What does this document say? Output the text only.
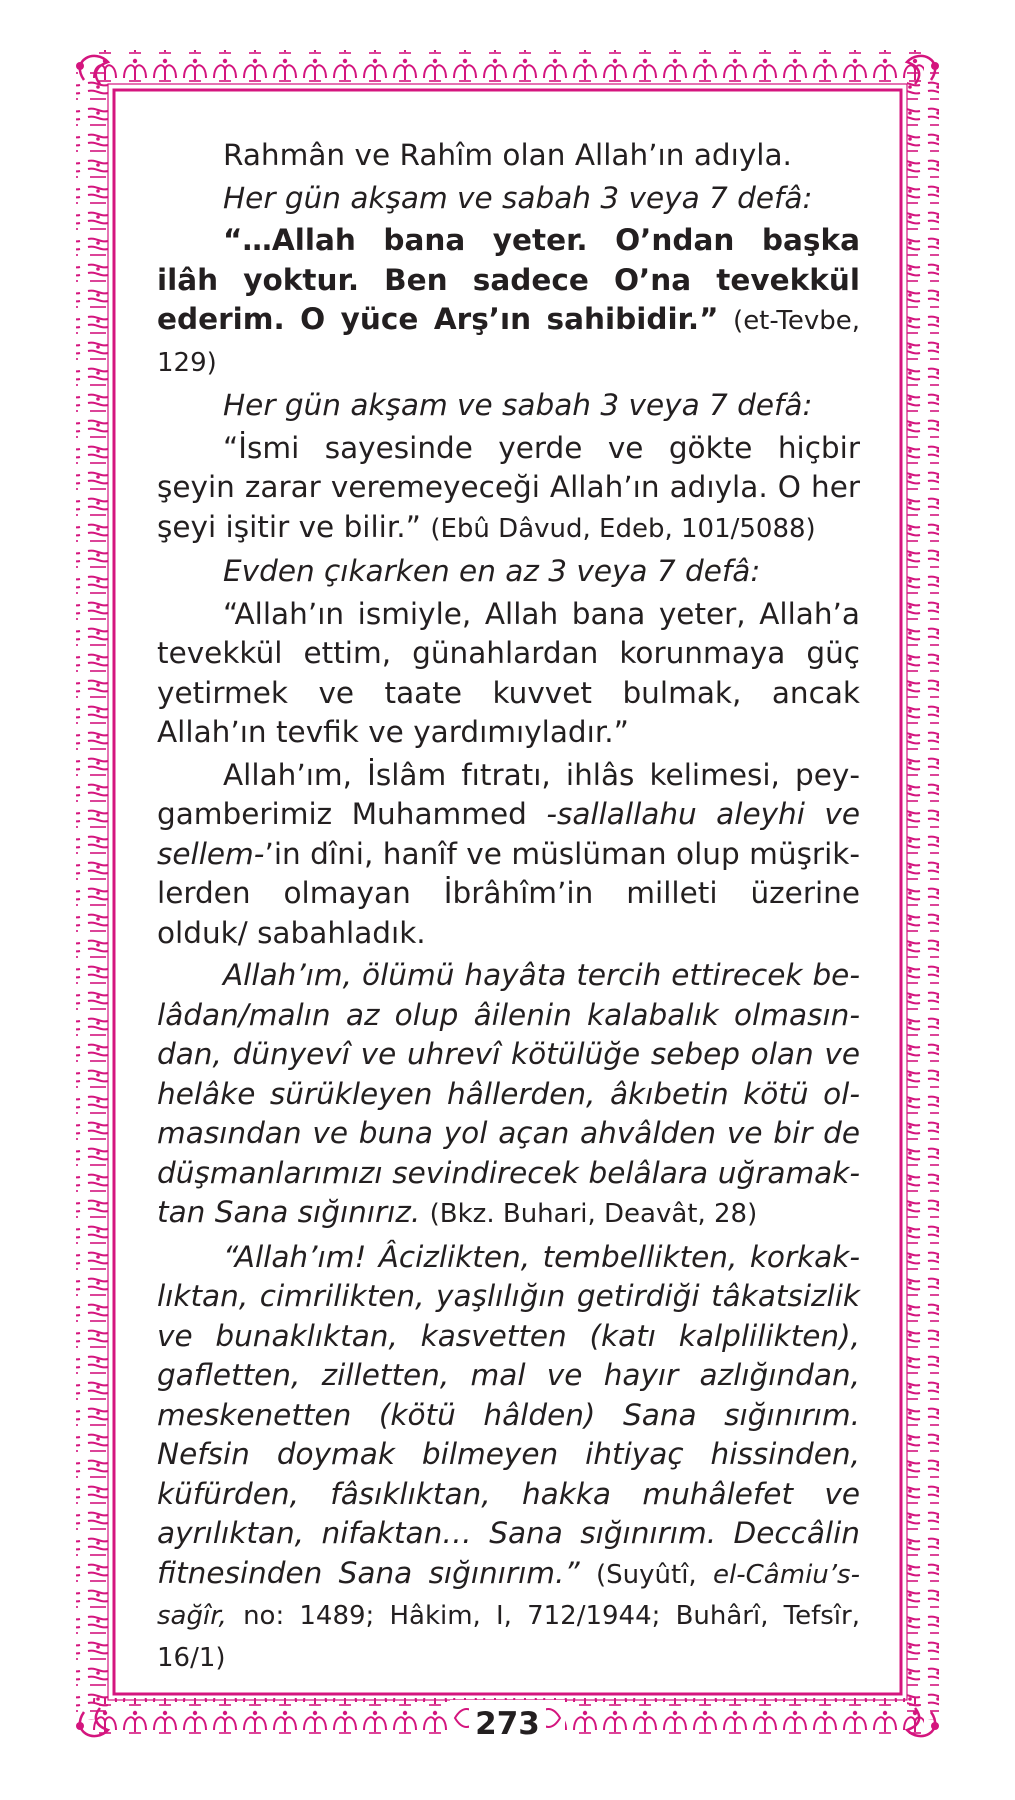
273

Rahmân ve Rahîm olan Allah’ın adıyla.

Her gün akşam ve sabah 3 veya 7 defâ:

“…Allah bana yeter. O’ndan başka ilâh yoktur. Ben sadece O’na tevekkül ederim. O yüce Arş’ın sahibidir.” (et-Tevbe, 129)

Her gün akşam ve sabah 3 veya 7 defâ:

“İsmi sayesinde yerde ve gökte hiçbir şeyin zarar veremeyeceği Allah’ın adıyla. O her şeyi işitir ve bilir.” (Ebû Dâvud, Edeb, 101/5088)

Evden çıkarken en az 3 veya 7 defâ:

“Allah’ın ismiyle, Allah bana yeter, Allah’a tevekkül ettim, günahlardan korunmaya güç yetirmek ve taate kuvvet bulmak, ancak Allah’ın tevfik ve yardımıyladır.”

Allah’ım, İslâm fıtratı, ihlâs kelimesi, peygamberimiz Muhammed -sallallahu aleyhi ve sellem-’in dîni, hanîf ve müslüman olup müşriklerden olmayan İbrâhîm’in milleti üzerine olduk/ sabahladık.

Allah’ım, ölümü hayâta tercih ettirecek belâdan/malın az olup âilenin kalabalık olmasından, dünyevî ve uhrevî kötülüğe sebep olan ve helâke sürükleyen hâllerden, âkıbetin kötü olmasından ve buna yol açan ahvâlden ve bir de düşmanlarımızı sevindirecek belâlara uğramaktan Sana sığınırız. (Bkz. Buhari, Deavât, 28)

“Allah’ım! Âcizlikten, tembellikten, korkaklıktan, cimrilikten, yaşlılığın getirdiği tâkatsizlik ve bunaklıktan, kasvetten (katı kalplilikten), gafletten, zilletten, mal ve hayır azlığından, meskenetten (kötü hâlden) Sana sığınırım. Nefsin doymak bilmeyen ihtiyaç hissinden, küfürden, fâsıklıktan, hakka muhâlefet ve ayrılıktan, nifaktan… Sana sığınırım. Deccâlin fitnesinden Sana sığınırım.” (Suyûtî, el-Câmiu’s-sağîr, no: 1489; Hâkim, I, 712/1944; Buhârî, Tefsîr, 16/1)
